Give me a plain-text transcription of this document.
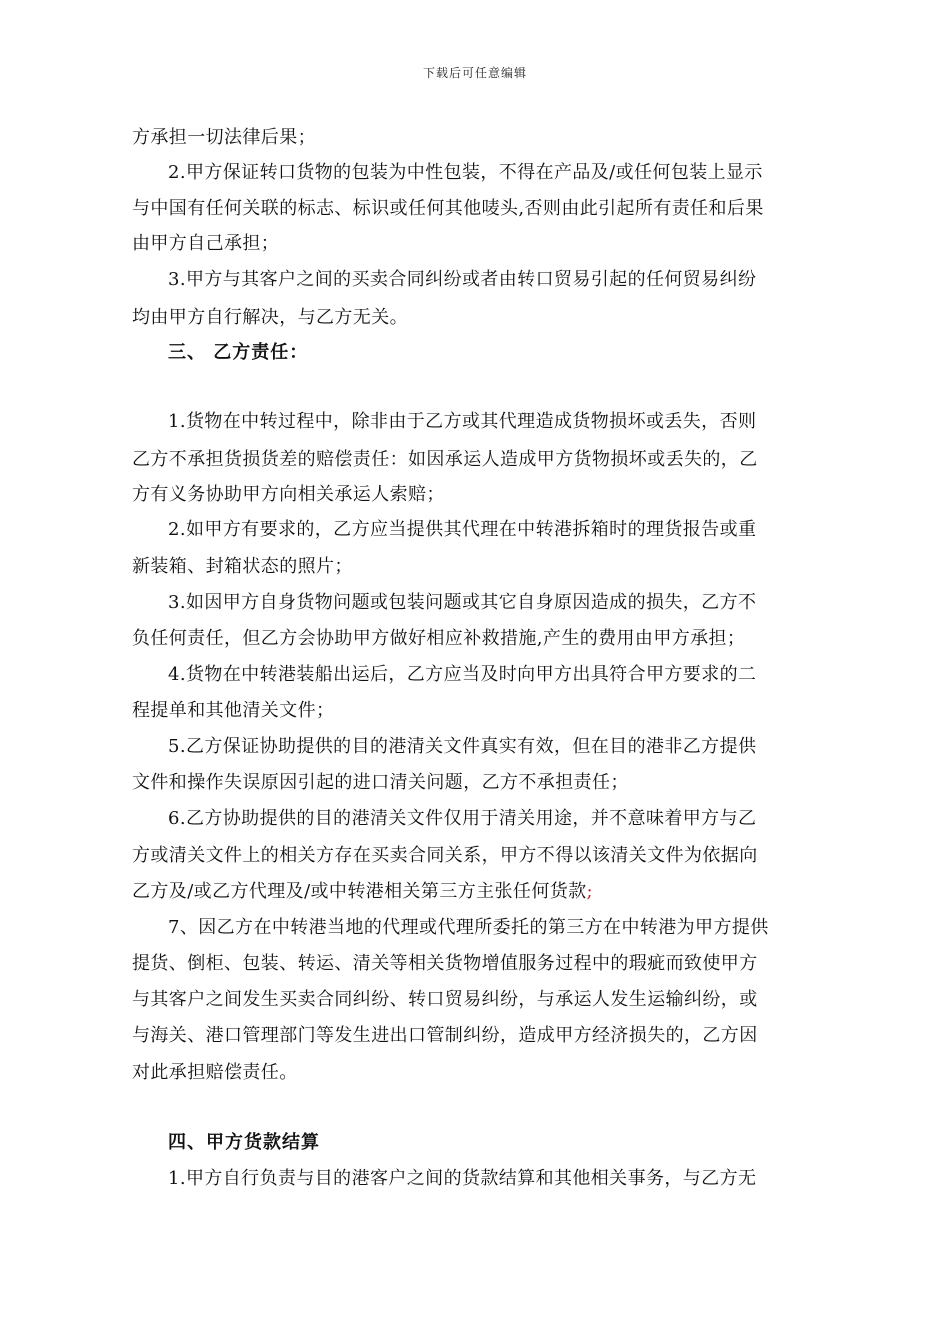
下载后可任意编辑
方承担一切法律后果；
2.甲方保证转口货物的包装为中性包装，不得在产品及/或任何包装上显示
与中国有任何关联的标志、标识或任何其他唛头,否则由此引起所有责任和后果
由甲方自己承担；
3.甲方与其客户之间的买卖合同纠纷或者由转口贸易引起的任何贸易纠纷
均由甲方自行解决，与乙方无关。
三、 乙方责任：
1.货物在中转过程中，除非由于乙方或其代理造成货物损坏或丢失，否则
乙方不承担货损货差的赔偿责任：如因承运人造成甲方货物损坏或丢失的，乙
方有义务协助甲方向相关承运人索赔；
2.如甲方有要求的，乙方应当提供其代理在中转港拆箱时的理货报告或重
新装箱、封箱状态的照片；
3.如因甲方自身货物问题或包装问题或其它自身原因造成的损失，乙方不
负任何责任，但乙方会协助甲方做好相应补救措施,产生的费用由甲方承担；
4.货物在中转港装船出运后，乙方应当及时向甲方出具符合甲方要求的二
程提单和其他清关文件；
5.乙方保证协助提供的目的港清关文件真实有效，但在目的港非乙方提供
文件和操作失误原因引起的进口清关问题，乙方不承担责任；
6.乙方协助提供的目的港清关文件仅用于清关用途，并不意味着甲方与乙
方或清关文件上的相关方存在买卖合同关系，甲方不得以该清关文件为依据向
乙方及/或乙方代理及/或中转港相关第三方主张任何货款;
7、因乙方在中转港当地的代理或代理所委托的第三方在中转港为甲方提供
提货、倒柜、包装、转运、清关等相关货物增值服务过程中的瑕疵而致使甲方
与其客户之间发生买卖合同纠纷、转口贸易纠纷，与承运人发生运输纠纷，或
与海关、港口管理部门等发生进出口管制纠纷，造成甲方经济损失的，乙方因
对此承担赔偿责任。
四、甲方货款结算
1.甲方自行负责与目的港客户之间的货款结算和其他相关事务，与乙方无
